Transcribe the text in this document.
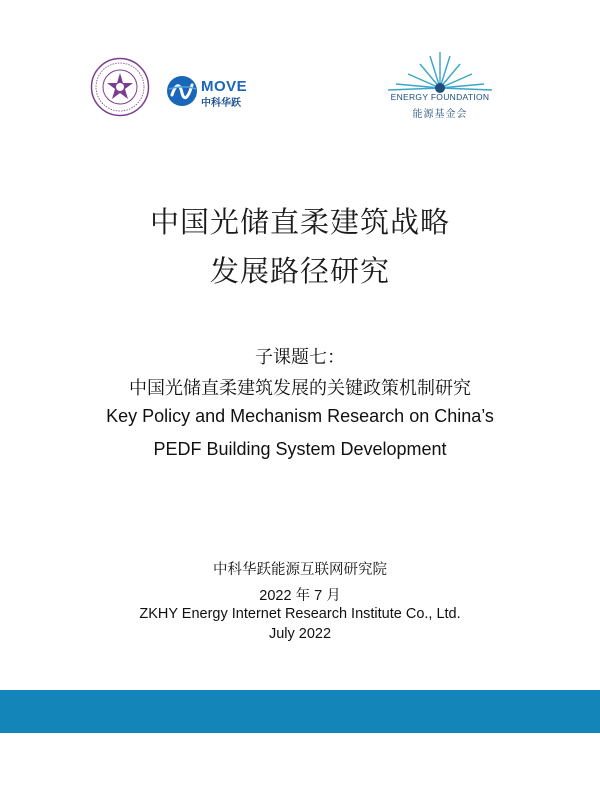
MOVE
中科华跃
ENERGY FOUNDATION
能源基金会
中国光储直柔建筑战略
发展路径研究
子课题七：
中国光储直柔建筑发展的关键政策机制研究
Key Policy and Mechanism Research on China’s
PEDF Building System Development
中科华跃能源互联网研究院
2022 年 7 月
ZKHY Energy Internet Research Institute Co., Ltd.
July 2022
